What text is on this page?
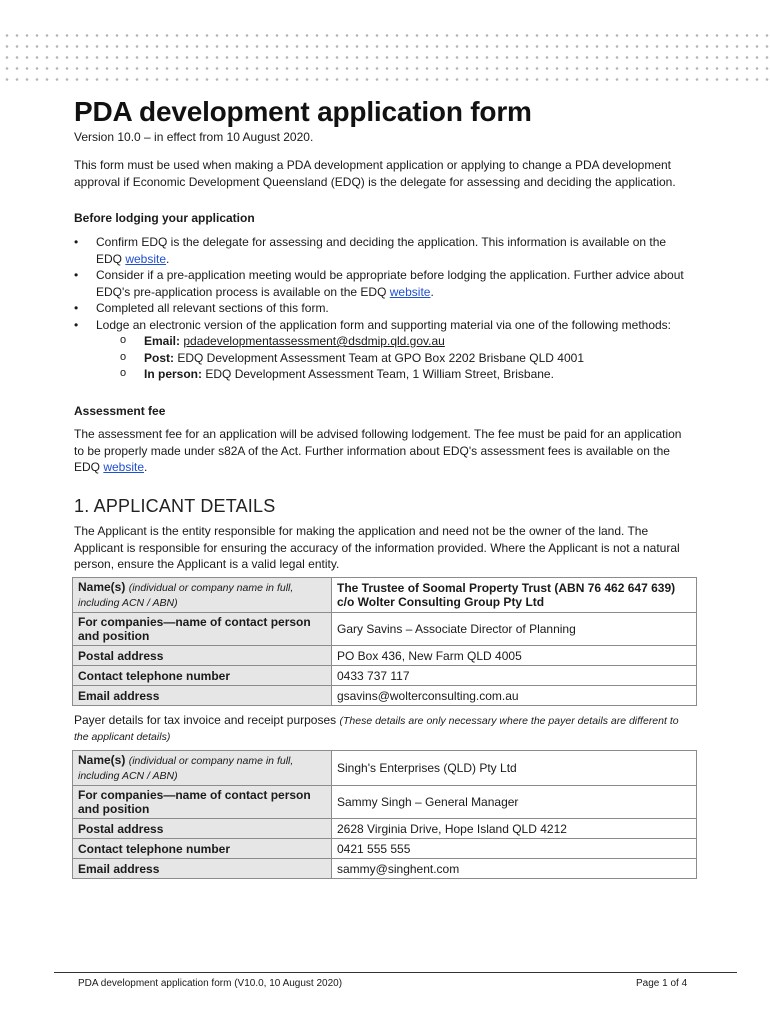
PDA development application form
Version 10.0 – in effect from 10 August 2020.

This form must be used when making a PDA development application or applying to change a PDA development approval if Economic Development Queensland (EDQ) is the delegate for assessing and deciding the application.

Before lodging your application
• Confirm EDQ is the delegate for assessing and deciding the application. This information is available on the EDQ website.
• Consider if a pre-application meeting would be appropriate before lodging the application. Further advice about EDQ's pre-application process is available on the EDQ website.
• Completed all relevant sections of this form.
• Lodge an electronic version of the application form and supporting material via one of the following methods:
o Email: pdadevelopmentassessment@dsdmip.qld.gov.au
o Post: EDQ Development Assessment Team at GPO Box 2202 Brisbane QLD 4001
o In person: EDQ Development Assessment Team, 1 William Street, Brisbane.
Assessment fee

The assessment fee for an application will be advised following lodgement. The fee must be paid for an application to be properly made under s82A of the Act. Further information about EDQ's assessment fees is available on the EDQ website.

1. APPLICANT DETAILS

The Applicant is the entity responsible for making the application and need not be the owner of the land. The Applicant is responsible for ensuring the accuracy of the information provided. Where the Applicant is not a natural person, ensure the Applicant is a valid legal entity.

Name(s) (individual or company name in full, including ACN / ABN)	The Trustee of Soomal Property Trust (ABN 76 462 647 639) c/o Wolter Consulting Group Pty Ltd
For companies—name of contact person and position	Gary Savins – Associate Director of Planning
Postal address	PO Box 436, New Farm QLD 4005
Contact telephone number	0433 737 117
Email address	gsavins@wolterconsulting.com.au
Payer details for tax invoice and receipt purposes (These details are only necessary where the payer details are different to the applicant details)
Name(s) (individual or company name in full, including ACN / ABN)	Singh's Enterprises (QLD) Pty Ltd
For companies—name of contact person and position	Sammy Singh – General Manager
Postal address	2628 Virginia Drive, Hope Island QLD 4212
Contact telephone number	0421 555 555
Email address	sammy@singhent.com
PDA development application form (V10.0, 10 August 2020)	Page 1 of 4
